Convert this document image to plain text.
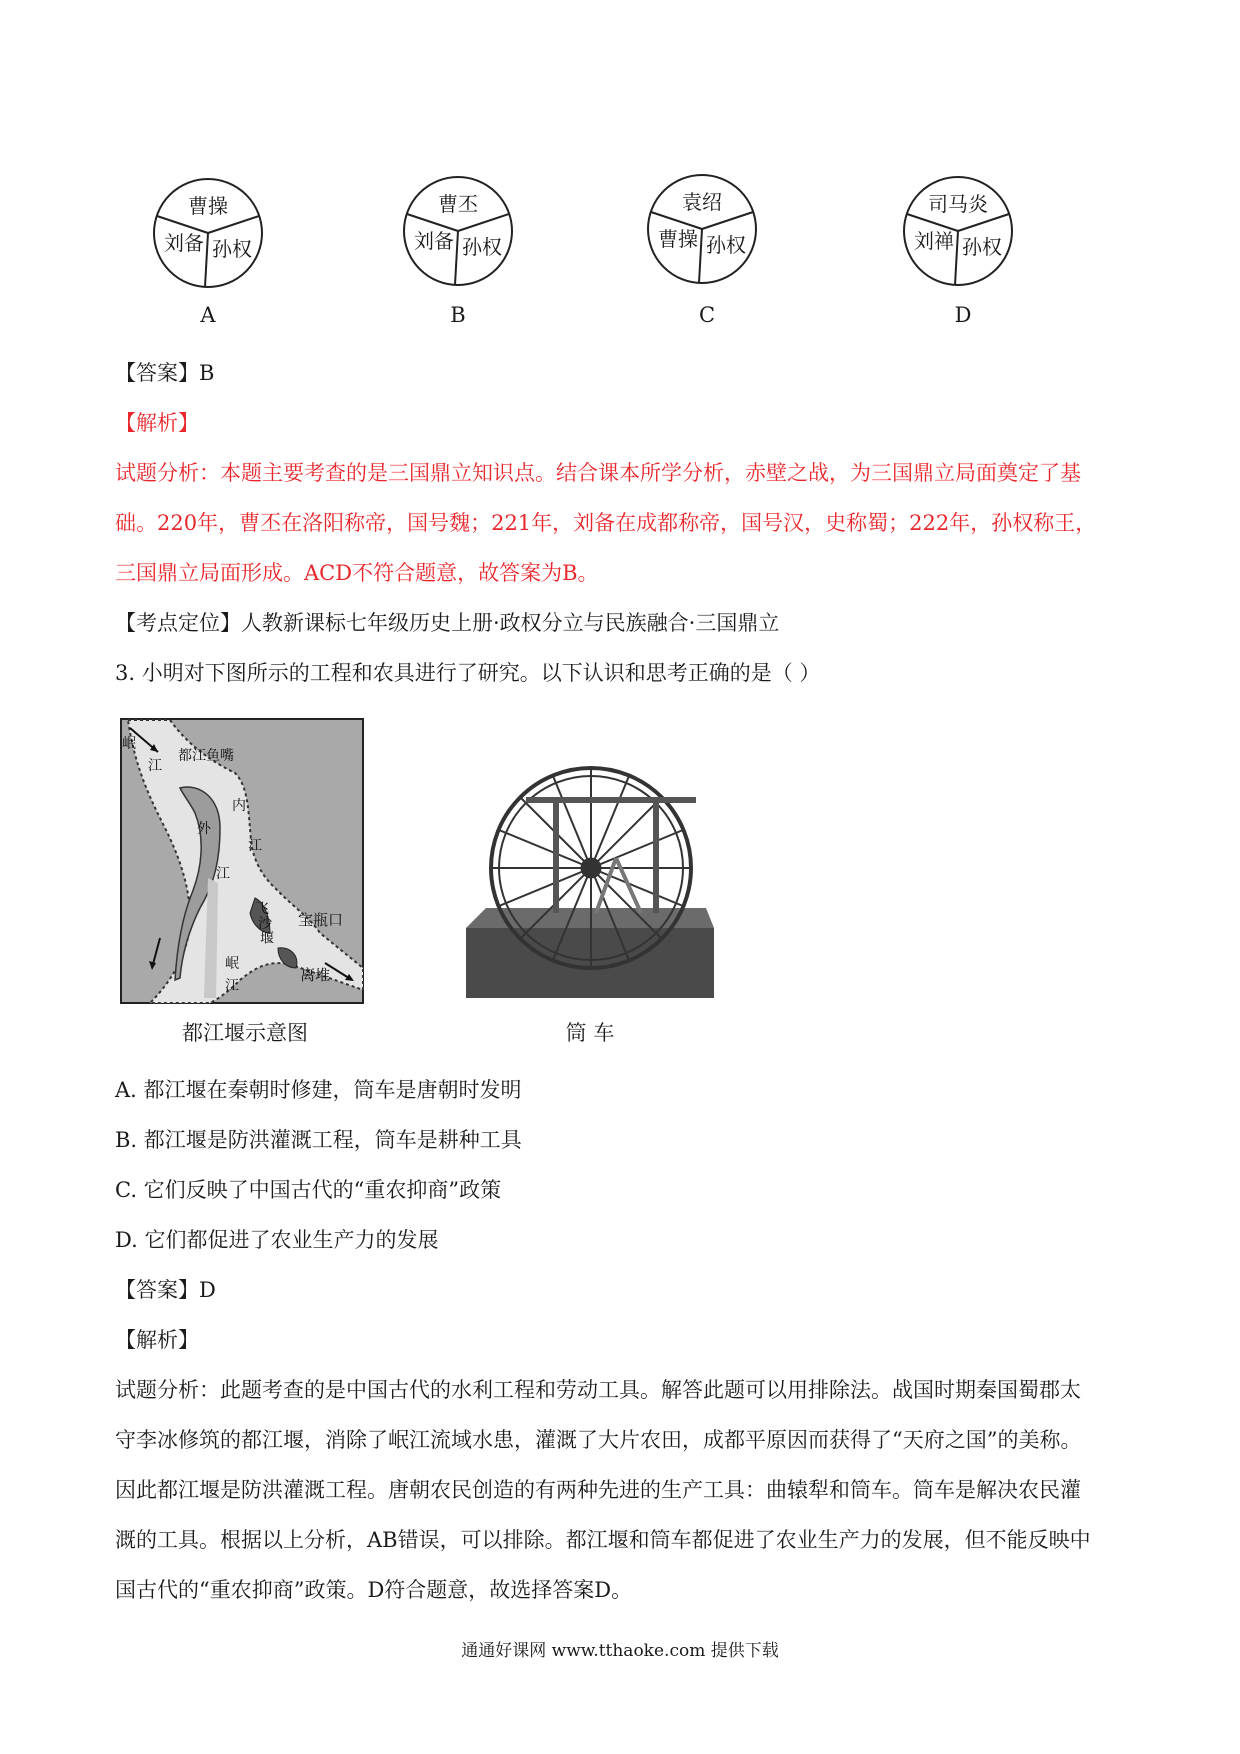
曹操
刘备 孙权
曹丕
刘备 孙权
袁绍
曹操 孙权
司马炎
刘禅 孙权
A	B	C	D
【答案】B
【解析】
试题分析：本题主要考查的是三国鼎立知识点。结合课本所学分析，赤壁之战，为三国鼎立局面奠定了基
础。220年，曹丕在洛阳称帝，国号魏；221年，刘备在成都称帝，国号汉，史称蜀；222年，孙权称王，
三国鼎立局面形成。ACD不符合题意，故答案为B。
【考点定位】人教新课标七年级历史上册·政权分立与民族融合·三国鼎立
3. 小明对下图所示的工程和农具进行了研究。以下认识和思考正确的是（ ）
岷
江
都江鱼嘴
内
江
外
江
飞
沙
堰
宝瓶口
岷
江
离堆
都江堰示意图	筒 车
A. 都江堰在秦朝时修建，筒车是唐朝时发明
B. 都江堰是防洪灌溉工程，筒车是耕种工具
C. 它们反映了中国古代的“重农抑商”政策
D. 它们都促进了农业生产力的发展
【答案】D
【解析】
试题分析：此题考查的是中国古代的水利工程和劳动工具。解答此题可以用排除法。战国时期秦国蜀郡太
守李冰修筑的都江堰，消除了岷江流域水患，灌溉了大片农田，成都平原因而获得了“天府之国”的美称。
因此都江堰是防洪灌溉工程。唐朝农民创造的有两种先进的生产工具：曲辕犁和筒车。筒车是解决农民灌
溉的工具。根据以上分析，AB错误，可以排除。都江堰和筒车都促进了农业生产力的发展，但不能反映中
国古代的“重农抑商”政策。D符合题意，故选择答案D。
通通好课网 www.tthaoke.com 提供下载
